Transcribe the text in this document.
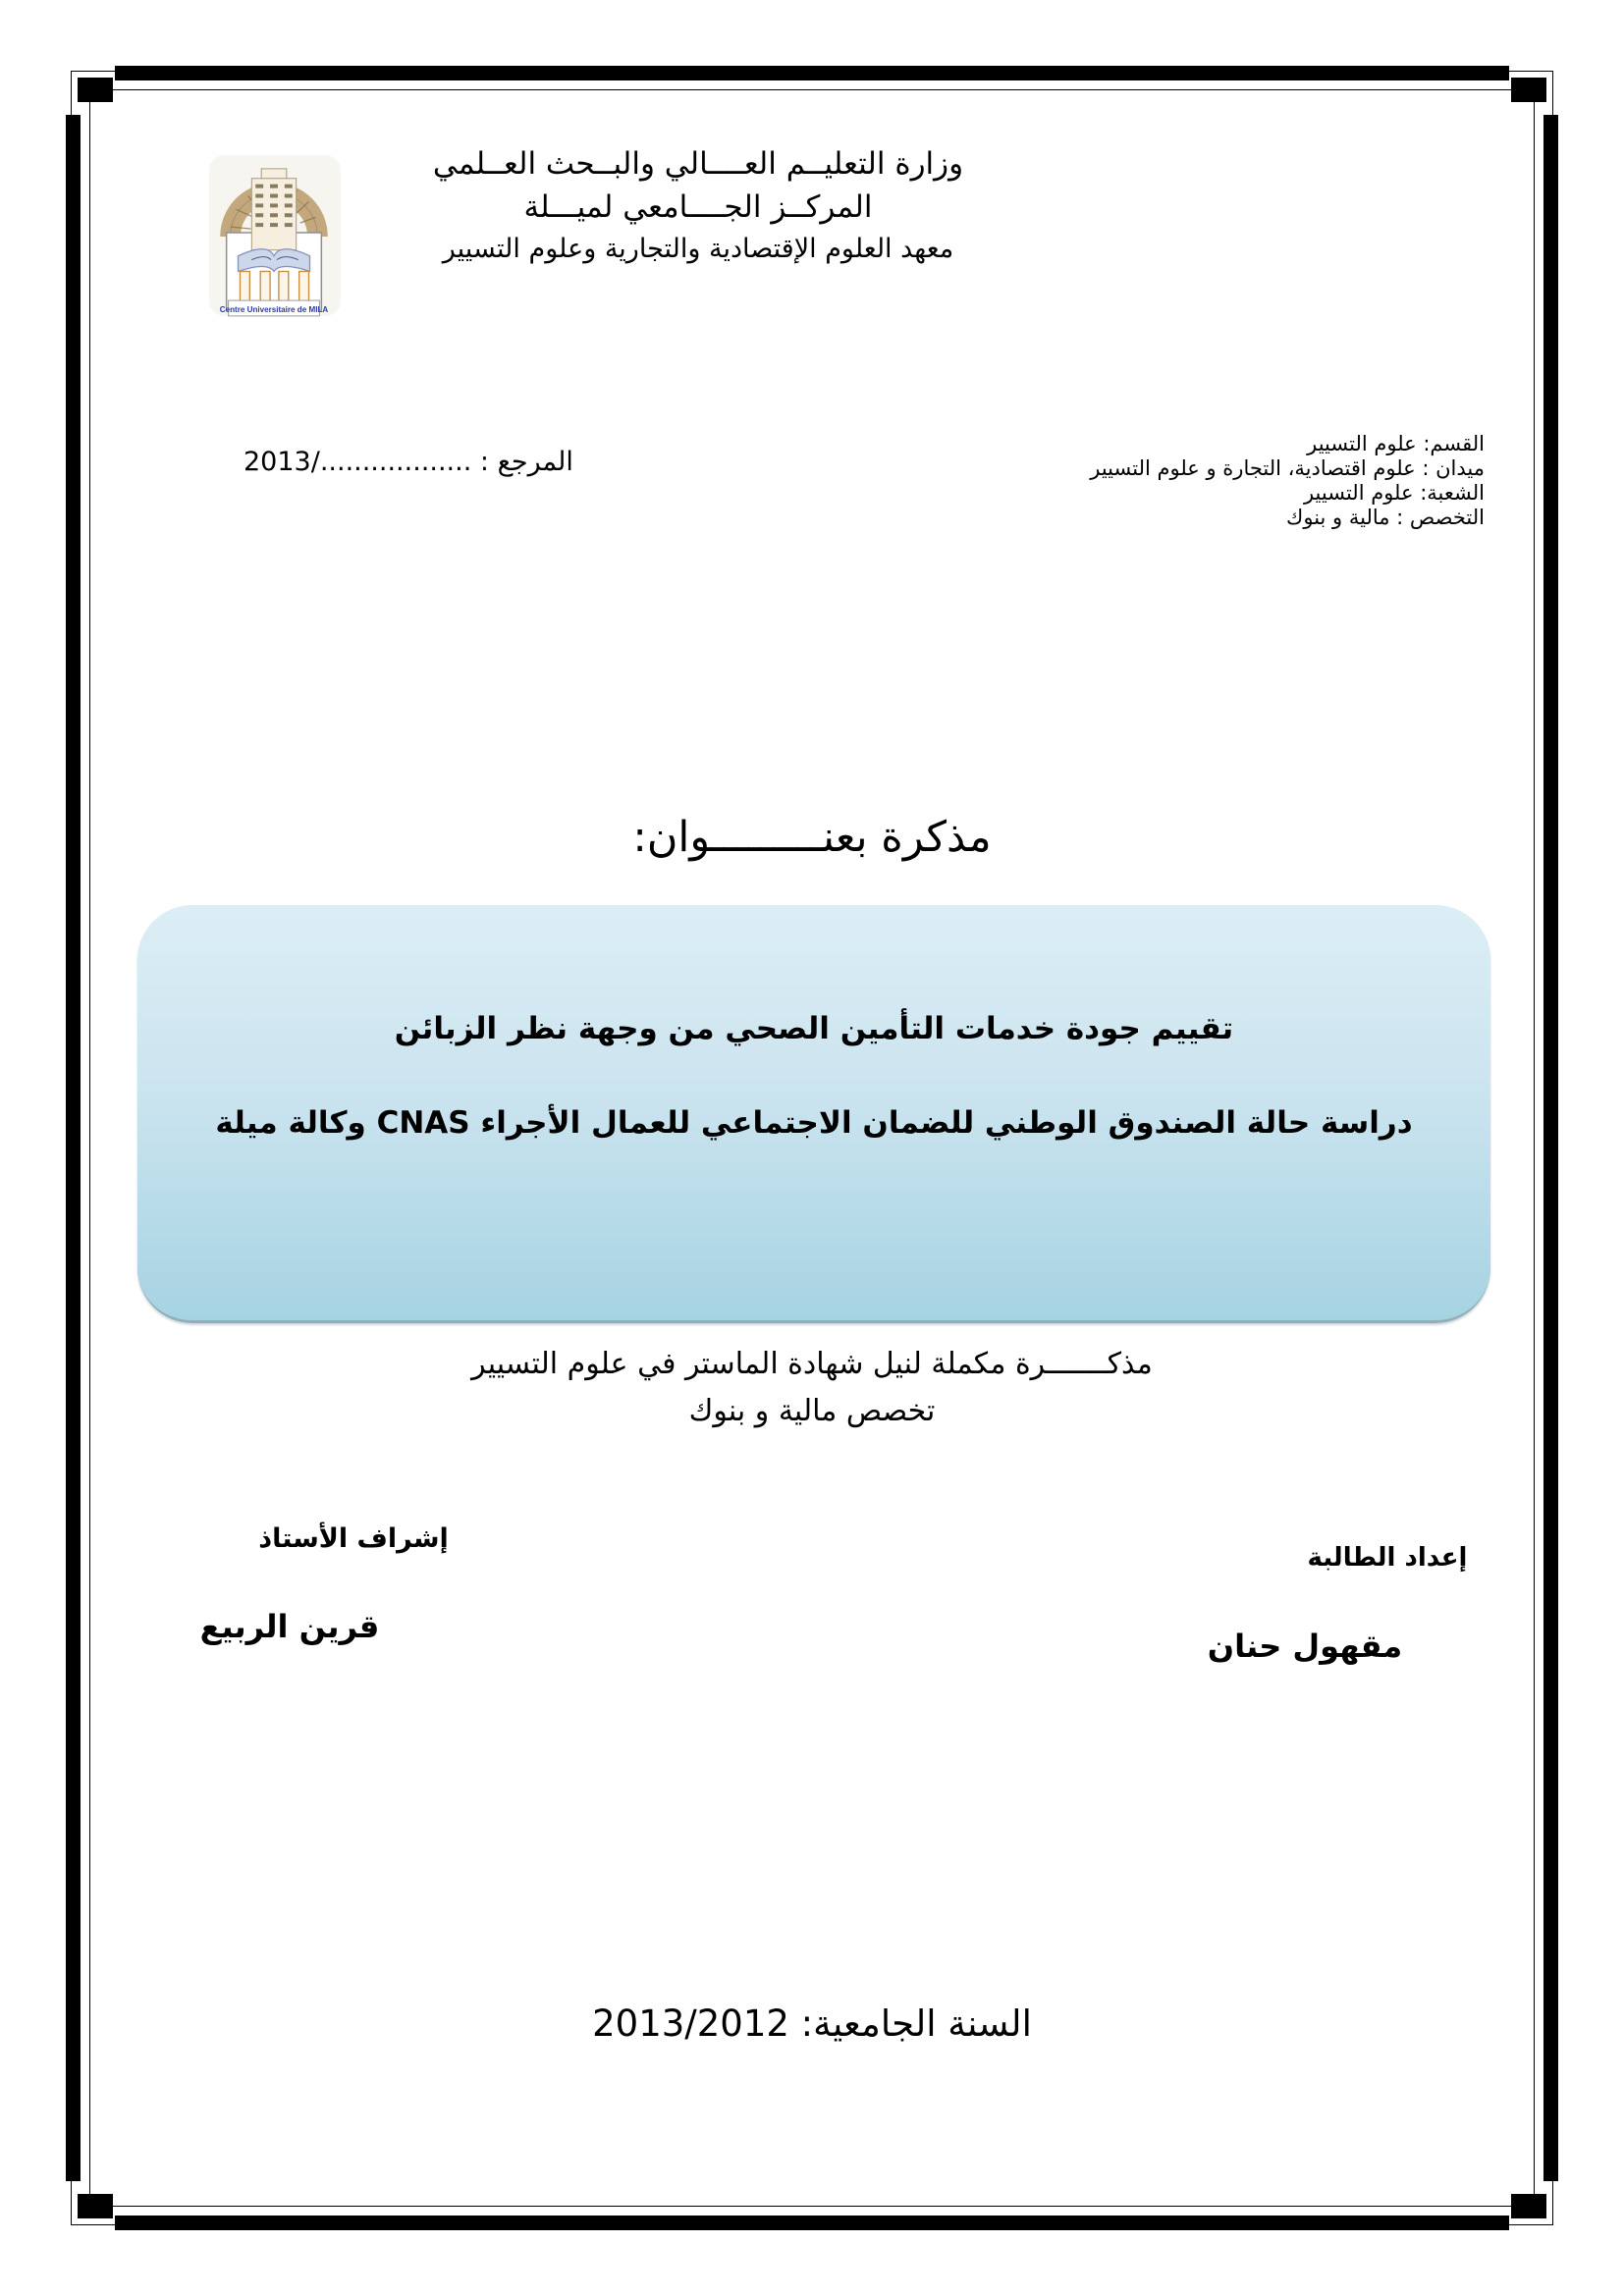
Centre Universitaire de MILA
وزارة التعليــم العــــالي والبــحث العــلمي
المركــز الجــــامعي لميـــلة
معهد العلوم الإقتصادية والتجارية وعلوم التسيير
القسم: علوم التسيير
ميدان : علوم اقتصادية، التجارة و علوم التسيير
الشعبة: علوم التسيير
التخصص : مالية و بنوك
المرجع : ................../2013
مذكرة بعنـــــــــوان:
تقييم جودة خدمات التأمين الصحي من وجهة نظر الزبائن
دراسة حالة الصندوق الوطني للضمان الاجتماعي للعمال الأجراء CNAS وكالة ميلة
مذكـــــــرة مكملة لنيل شهادة الماستر في علوم التسيير
تخصص مالية و بنوك
إشراف الأستاذ
قرين الربيع
إعداد الطالبة
مقهول حنان
السنة الجامعية: 2013/2012
